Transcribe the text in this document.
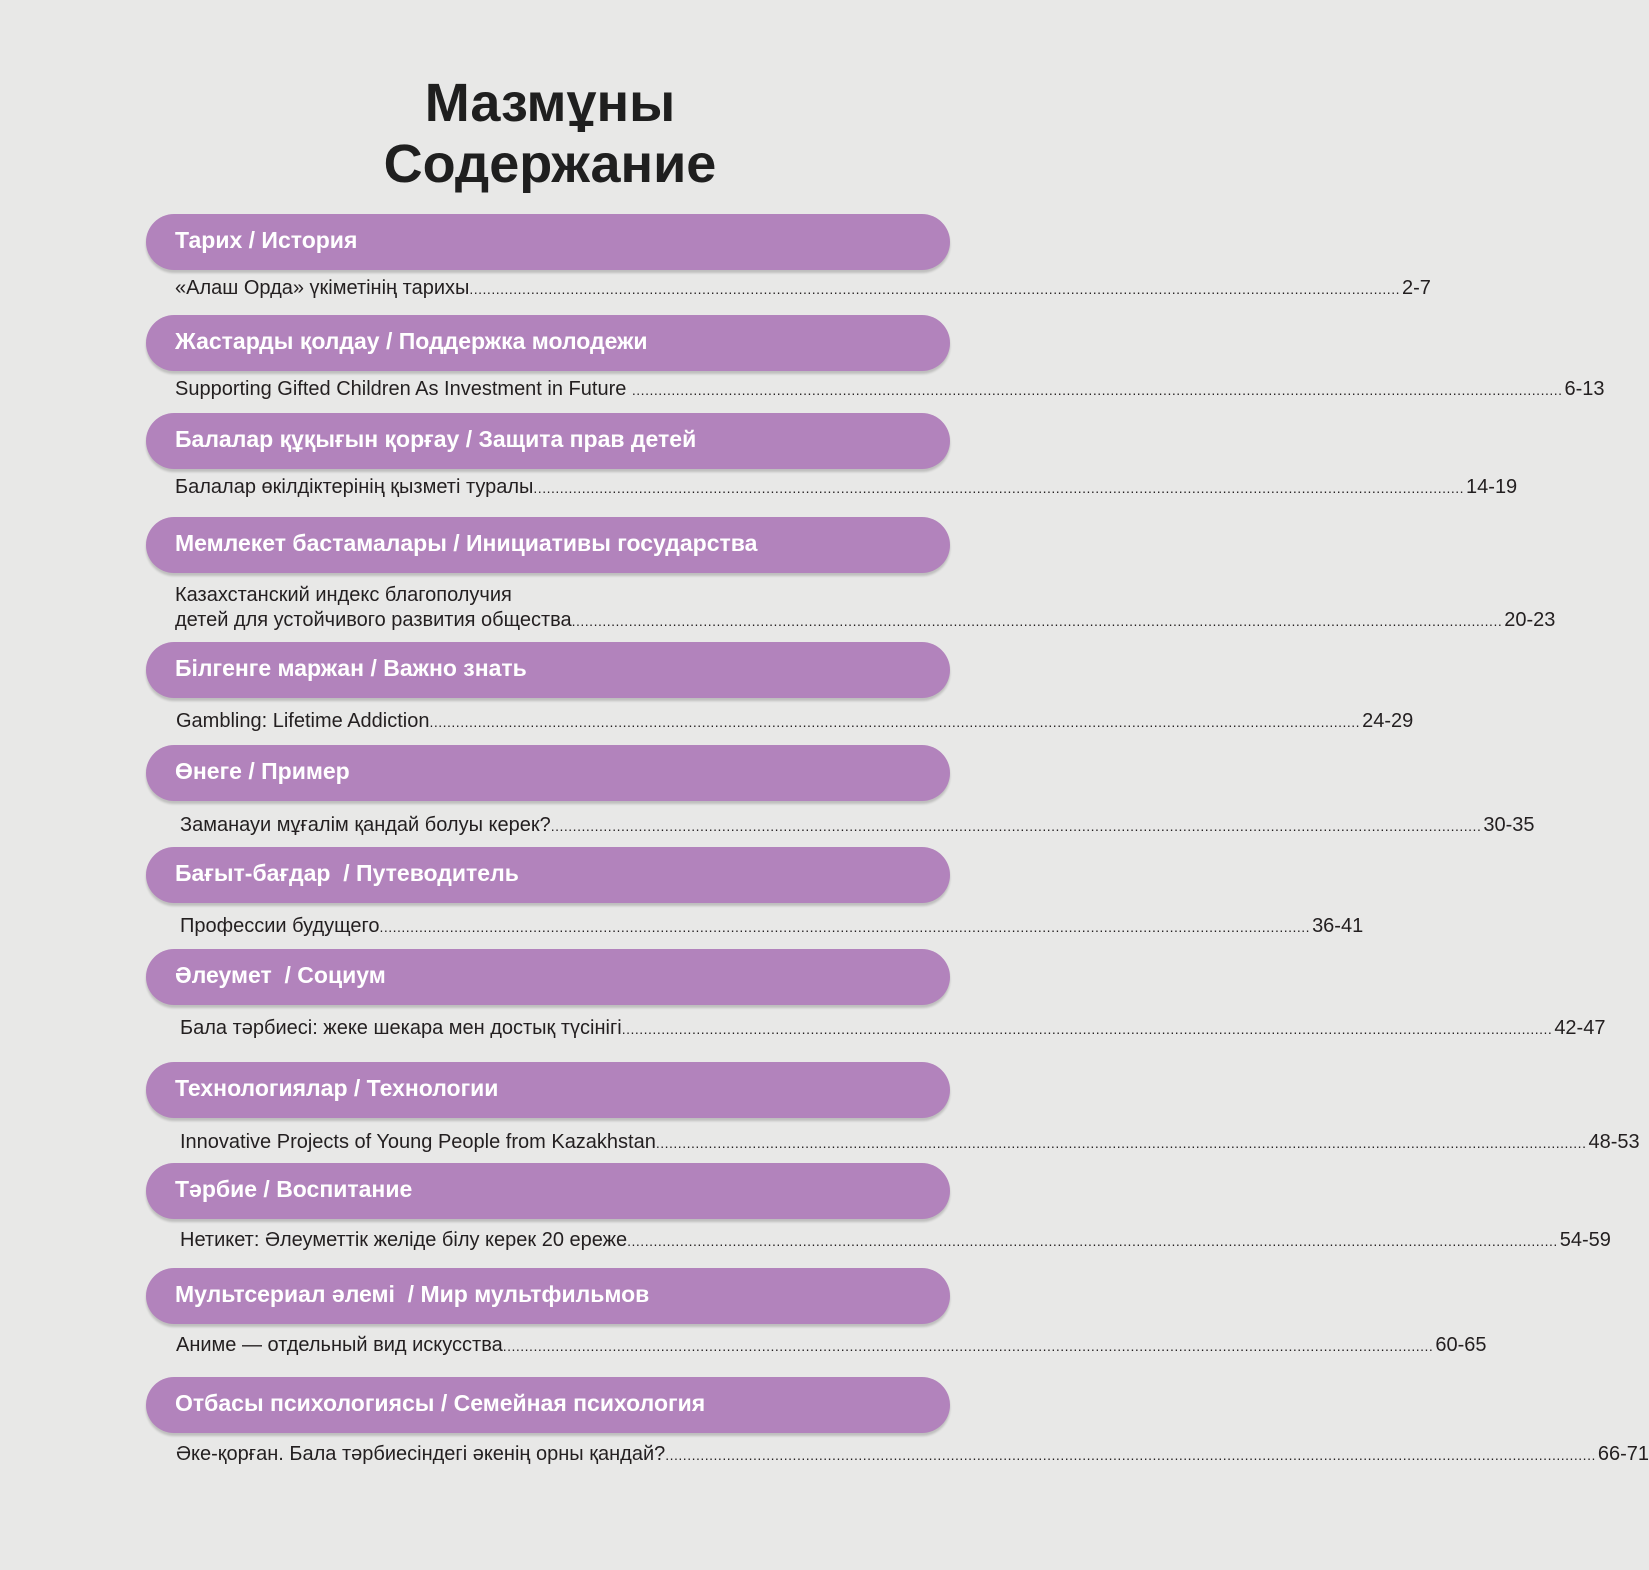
Мазмұны
Содержание
Тарих / История
«Алаш Орда» үкіметінің тарихы .................................................................................................................................................................................................................... 2-7
Жастарды қолдау / Поддержка молодежи
Supporting Gifted Children As Investment in Future .................................................................................................................................................................................................................... 6-13
Балалар құқығын қорғау / Защита прав детей
Балалар өкілдіктерінің қызметі туралы .................................................................................................................................................................................................................... 14-19
Мемлекет бастамалары / Инициативы государства
Казахстанский индекс благополучия
детей для устойчивого развития общества .................................................................................................................................................................................................................... 20-23
Білгенге маржан / Важно знать
Gambling: Lifetime Addiction .................................................................................................................................................................................................................... 24-29
Өнеге / Пример
Заманауи мұғалім қандай болуы керек? .................................................................................................................................................................................................................... 30-35
Бағыт-бағдар  / Путеводитель
Профессии будущего .................................................................................................................................................................................................................... 36-41
Әлеумет  / Социум
Бала тәрбиесі: жеке шекара мен достық түсінігі .................................................................................................................................................................................................................... 42-47
Технологиялар / Технологии
Innovative Projects of Young People from Kazakhstan .................................................................................................................................................................................................................... 48-53
Тәрбие / Воспитание
Нетикет: Әлеуметтік желіде білу керек 20 ереже .................................................................................................................................................................................................................... 54-59
Мультсериал әлемі  / Мир мультфильмов
Аниме — отдельный вид искусства .................................................................................................................................................................................................................... 60-65
Отбасы психологиясы / Семейная психология
Әке-қорған. Бала тәрбиесіндегі әкенің орны қандай? .................................................................................................................................................................................................................... 66-71
